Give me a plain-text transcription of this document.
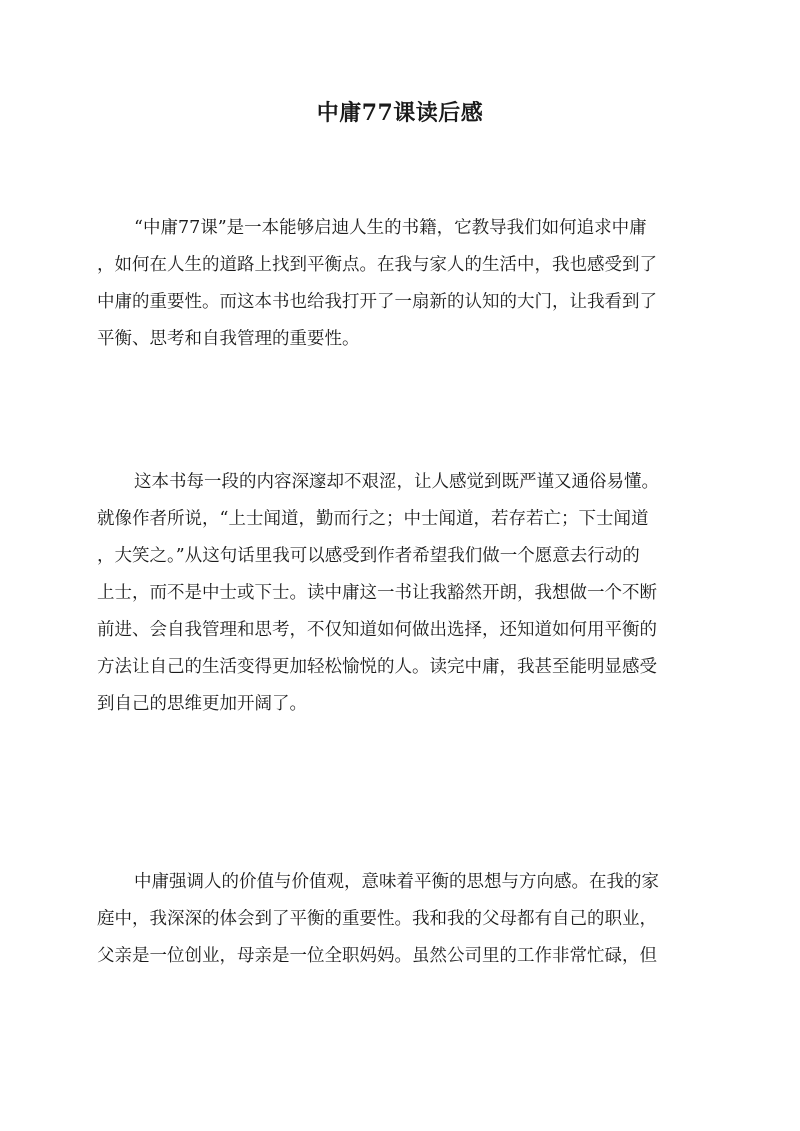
中庸77课读后感

“中庸77课”是一本能够启迪人生的书籍，它教导我们如何追求中庸
，如何在人生的道路上找到平衡点。在我与家人的生活中，我也感受到了
中庸的重要性。而这本书也给我打开了一扇新的认知的大门，让我看到了
平衡、思考和自我管理的重要性。

这本书每一段的内容深邃却不艰涩，让人感觉到既严谨又通俗易懂。
就像作者所说，“上士闻道，勤而行之；中士闻道，若存若亡；下士闻道
，大笑之。”从这句话里我可以感受到作者希望我们做一个愿意去行动的
上士，而不是中士或下士。读中庸这一书让我豁然开朗，我想做一个不断
前进、会自我管理和思考，不仅知道如何做出选择，还知道如何用平衡的
方法让自己的生活变得更加轻松愉悦的人。读完中庸，我甚至能明显感受
到自己的思维更加开阔了。

中庸强调人的价值与价值观，意味着平衡的思想与方向感。在我的家
庭中，我深深的体会到了平衡的重要性。我和我的父母都有自己的职业，
父亲是一位创业，母亲是一位全职妈妈。虽然公司里的工作非常忙碌，但
